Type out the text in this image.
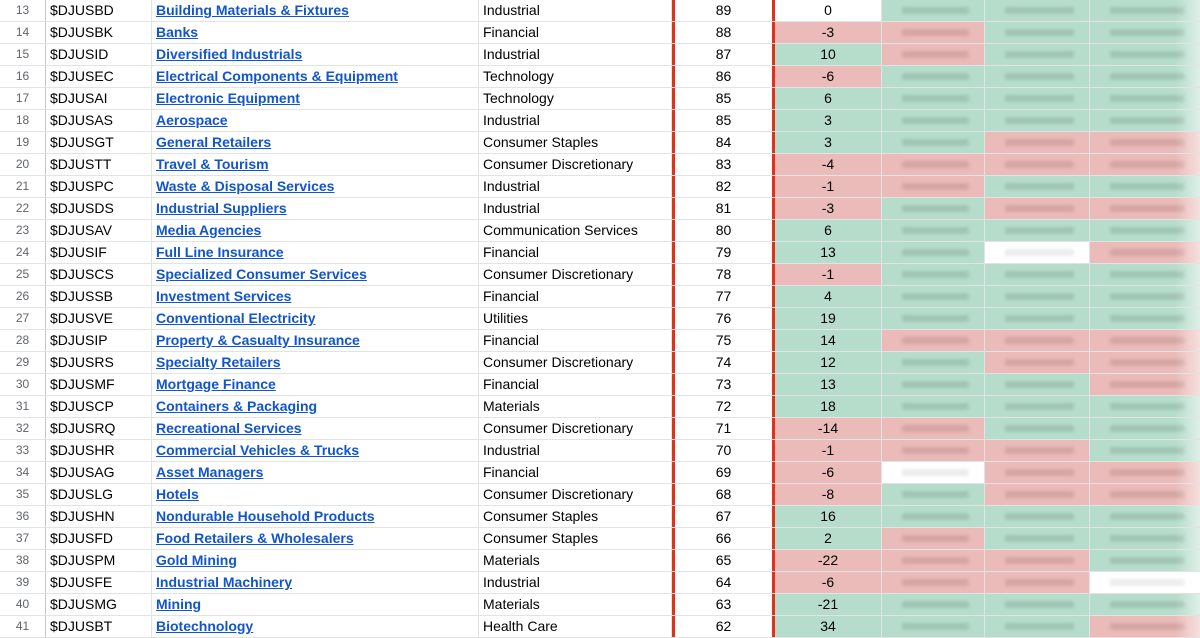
13	$DJUSBD	Building Materials & Fixtures	Industrial	89	0
14	$DJUSBK	Banks	Financial	88	-3
15	$DJUSID	Diversified Industrials	Industrial	87	10
16	$DJUSEC	Electrical Components & Equipment	Technology	86	-6
17	$DJUSAI	Electronic Equipment	Technology	85	6
18	$DJUSAS	Aerospace	Industrial	85	3
19	$DJUSGT	General Retailers	Consumer Staples	84	3
20	$DJUSTT	Travel & Tourism	Consumer Discretionary	83	-4
21	$DJUSPC	Waste & Disposal Services	Industrial	82	-1
22	$DJUSDS	Industrial Suppliers	Industrial	81	-3
23	$DJUSAV	Media Agencies	Communication Services	80	6
24	$DJUSIF	Full Line Insurance	Financial	79	13
25	$DJUSCS	Specialized Consumer Services	Consumer Discretionary	78	-1
26	$DJUSSB	Investment Services	Financial	77	4
27	$DJUSVE	Conventional Electricity	Utilities	76	19
28	$DJUSIP	Property & Casualty Insurance	Financial	75	14
29	$DJUSRS	Specialty Retailers	Consumer Discretionary	74	12
30	$DJUSMF	Mortgage Finance	Financial	73	13
31	$DJUSCP	Containers & Packaging	Materials	72	18
32	$DJUSRQ	Recreational Services	Consumer Discretionary	71	-14
33	$DJUSHR	Commercial Vehicles & Trucks	Industrial	70	-1
34	$DJUSAG	Asset Managers	Financial	69	-6
35	$DJUSLG	Hotels	Consumer Discretionary	68	-8
36	$DJUSHN	Nondurable Household Products	Consumer Staples	67	16
37	$DJUSFD	Food Retailers & Wholesalers	Consumer Staples	66	2
38	$DJUSPM	Gold Mining	Materials	65	-22
39	$DJUSFE	Industrial Machinery	Industrial	64	-6
40	$DJUSMG	Mining	Materials	63	-21
41	$DJUSBT	Biotechnology	Health Care	62	34
